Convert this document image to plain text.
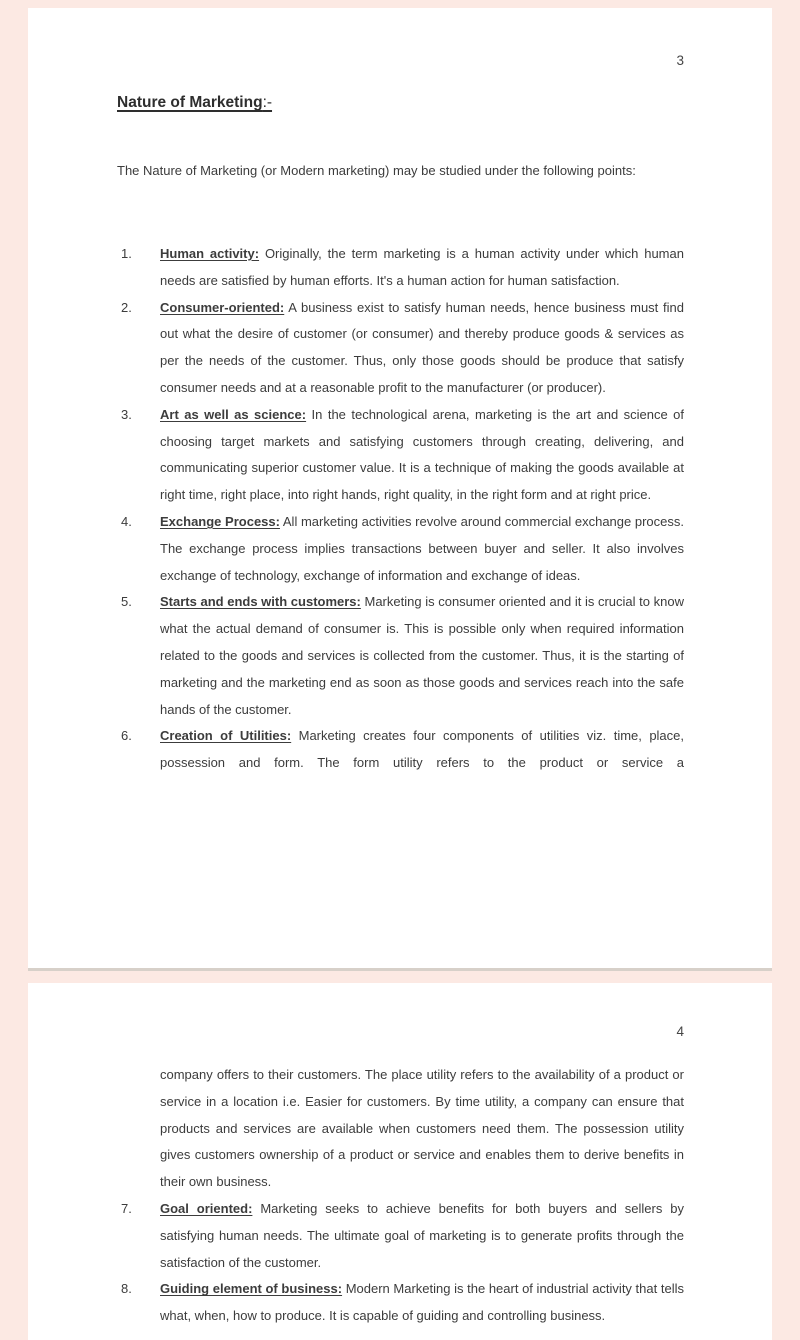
3
Nature of Marketing:-
The Nature of Marketing (or Modern marketing) may be studied under the following points:
1. Human activity: Originally, the term marketing is a human activity under which human needs are satisfied by human efforts. It's a human action for human satisfaction.
2. Consumer-oriented: A business exist to satisfy human needs, hence business must find out what the desire of customer (or consumer) and thereby produce goods & services as per the needs of the customer. Thus, only those goods should be produce that satisfy consumer needs and at a reasonable profit to the manufacturer (or producer).
3. Art as well as science: In the technological arena, marketing is the art and science of choosing target markets and satisfying customers through creating, delivering, and communicating superior customer value. It is a technique of making the goods available at right time, right place, into right hands, right quality, in the right form and at right price.
4. Exchange Process: All marketing activities revolve around commercial exchange process. The exchange process implies transactions between buyer and seller. It also involves exchange of technology, exchange of information and exchange of ideas.
5. Starts and ends with customers: Marketing is consumer oriented and it is crucial to know what the actual demand of consumer is. This is possible only when required information related to the goods and services is collected from the customer. Thus, it is the starting of marketing and the marketing end as soon as those goods and services reach into the safe hands of the customer.
6. Creation of Utilities: Marketing creates four components of utilities viz. time, place, possession and form. The form utility refers to the product or service a
4
company offers to their customers. The place utility refers to the availability of a product or service in a location i.e. Easier for customers. By time utility, a company can ensure that products and services are available when customers need them. The possession utility gives customers ownership of a product or service and enables them to derive benefits in their own business.
7. Goal oriented: Marketing seeks to achieve benefits for both buyers and sellers by satisfying human needs. The ultimate goal of marketing is to generate profits through the satisfaction of the customer.
8. Guiding element of business: Modern Marketing is the heart of industrial activity that tells what, when, how to produce. It is capable of guiding and controlling business.
